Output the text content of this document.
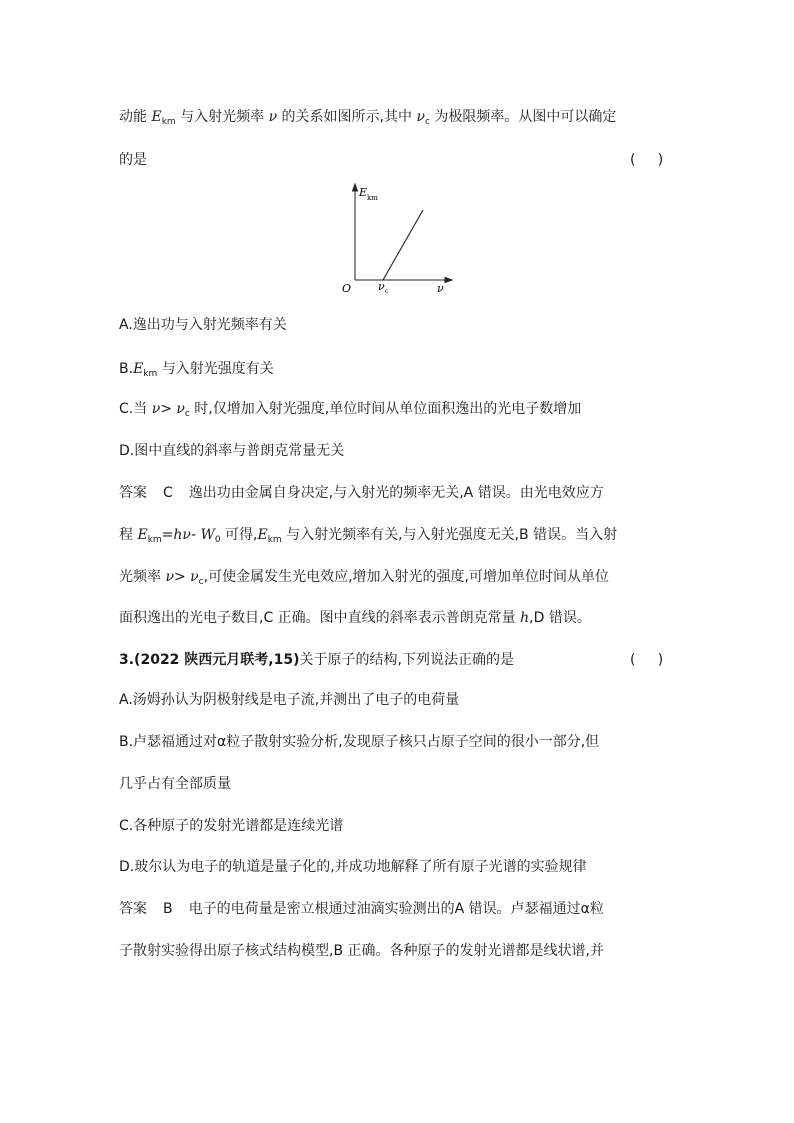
动能 $E_{km}$ 与入射光频率 ν 的关系如图所示,其中 $\nu_c$ 为极限频率。从图中可以确定
的是	(     )
E km
O ν c	ν
A.逸出功与入射光频率有关
$B.E_{km}$ 与入射光强度有关
C.当 $\nu> \nu_c$ 时,仅增加入射光强度,单位时间从单位面积逸出的光电子数增加
D.图中直线的斜率与普朗克常量无关
答案 C 逸出功由金属自身决定,与入射光的频率无关,A 错误。由光电效应方
程 $E_{km}=h\nu-$ $W_0$ 可得$,E_{km}$ 与入射光频率有关,与入射光强度无关,B 错误。当入射
光频率 $\nu> \nu_c$,可使金属发生光电效应,增加入射光的强度,可增加单位时间从单位
面积逸出的光电子数目,C 正确。图中直线的斜率表示普朗克常量 h,D 错误。
3.(2022 陕西元月联考,15)关于原子的结构,下列说法正确的是	(     )
A.汤姆孙认为阴极射线是电子流,并测出了电子的电荷量
B.卢瑟福通过对α粒子散射实验分析,发现原子核只占原子空间的很小一部分,但
几乎占有全部质量
C.各种原子的发射光谱都是连续光谱
D.玻尔认为电子的轨道是量子化的,并成功地解释了所有原子光谱的实验规律
答案 B 电子的电荷量是密立根通过油滴实验测出的A 错误。卢瑟福通过α粒
子散射实验得出原子核式结构模型,B 正确。各种原子的发射光谱都是线状谱,并
